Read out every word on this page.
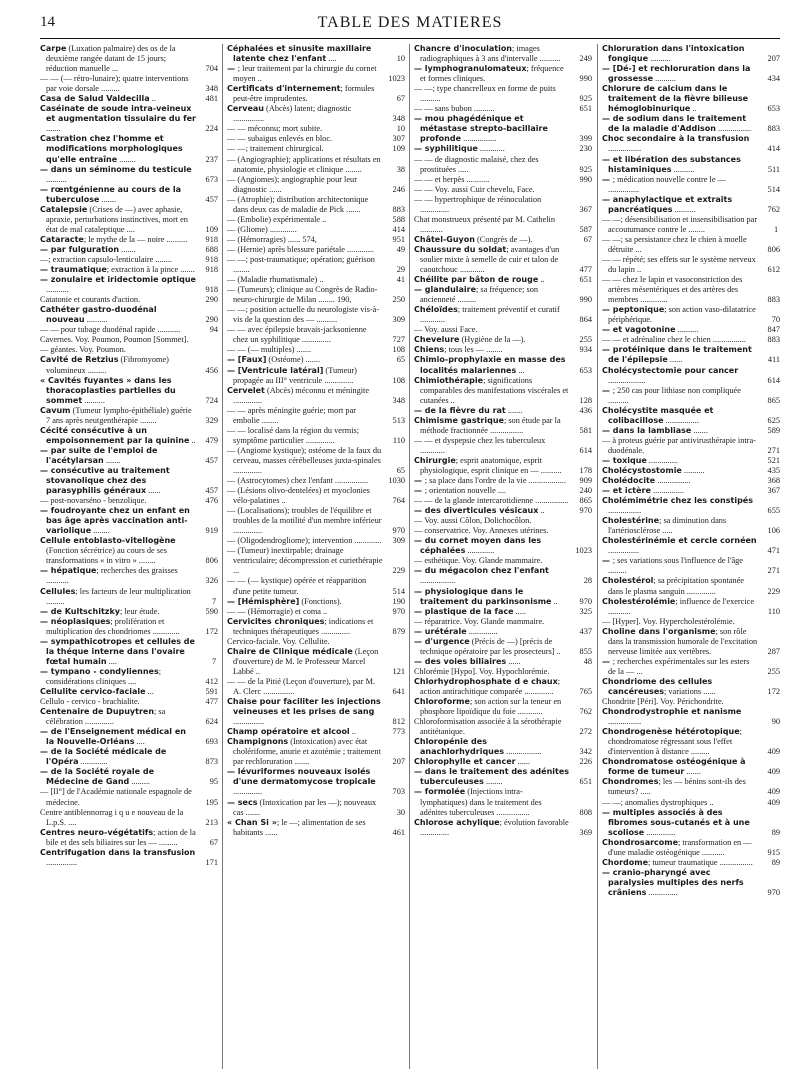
14	TABLE DES MATIERES
Carpe (Luxation palmaire) des os de la deuxième rangée datant de 15 jours; réduction manuelle ...	704
— — (— rétro-lunaire); quatre interventions par voie dorsale .........	348
Casa de Salud Valdecilla ..	481
Caséinate de soude intra-veineux et augmentation tissulaire du fer .......	224
Castration chez l'homme et modifications morphologiques qu'elle entraîne ........	237
— dans un séminome du testicule ..........	673
— rœntgénienne au cours de la tuberculose .......	457
Catalepsie (Crises de —) avec aphasie, apraxie, perturbations instinctives, mort en état de mal cataleptique ....	109
Cataracte; le mythe de la — noire .......... 918
— par fulguration .......	688
—; extraction capsulo-lenticulaire ........	918
— traumatique; extraction à la pince ....... 918
— zonulaire et iridectomie optique ...........	918
Catatonie et courants d'action.	290
Cathéter gastro-duodénal nouveau ..........	290
— — pour tubage duodénal rapide ...........	94
Cavernes. Voy. Poumon, Poumon [Sommet].
— géantes. Voy. Poumon.
Cavité de Retzius (Fibromyome) volumineux .........	456
« Cavités fuyantes » dans les thoracoplasties partielles du sommet ..........	724
Cavum (Tumeur lympho-épithéliale) guérie 7 ans après neutgenthérapie ........	329
Cécité consécutive à un empoisonnement par la quinine .. 479
— par suite de l'emploi de l'acétylarsan .......	457
— consécutive au traitement stovanolique chez des parasyphilis généraux ......	457
— post-novarséno - benzolique.	476
— foudroyante chez un enfant en bas âge après vaccination anti-variolique ........	919
Cellule entoblasto-vitellogène (Fonction sécrétrice) au cours de ses transformations « in vitro » ........	806
— hépatique; recherches des graisses ...........	326
Cellules; les facteurs de leur multiplication .........	7
— de Kultschitzky; leur étude.	590
— néoplasiques; prolifération et multiplication des chondriomes .............	172
— sympathicotropes et cellules de la théque interne dans l'ovaire fœtal humain ....	7
— tympano - condyliennes; considérations cliniques ....	412
Cellulite cervico-faciale ...	591
Cellulo - cervico - brachialite.	477
Centenaire de Dupuytren; sa célébration ..............	624
— de l'Enseignement médical en la Nouvelle-Orléans ....	693
— de la Société médicale de l'Opéra .............	873
— de la Société royale de Médecine de Gand .........	95
— [II°] de l'Académie nationale espagnole de médecine.	195
Centre antiblennorrag i q u e nouveau de la L.p.S. ....	213
Centres neuro-végétatifs; action de la bile et des sels biliaires sur les — .........	67
Centrifugation dans la transfusion ...............	171
Céphalées et sinusite maxillaire latente chez l'enfant ....	10
— ; leur traitement par la chirurgie du cornet moyen ..	1023
Certificats d'internement; formules peut-être imprudentes.	67
Cerveau (Abcès) latent; diagnostic ...............	348
— — méconnu; mort subite.	10
— — subaigus enlevés en bloc.	307
— —; traitement chirurgical.	109
— (Angiographie); applications et résultats en anatomie, physiologie et clinique ........	38
— (Angiomes); angiographie pour leur diagnostic ......	246
— (Atrophie); distribution architectonique dans deux cas de maladie de Pick .......	883
— (Embolie) expérimentale ..	588
— (Gliome) .............	414
— (Hémorragies) ...... 574,	951
— (Hernie) après blessure pariétale .............	49
— —; post-traumatique; opération; guérison ........	29
— (Maladie rhumatismale) ..	41
— (Tumeurs); clinique au Congrès de Radio-neuro-chirurgie de Milan ........ 190,	250
— —; position actuelle du neurologiste vis-à-vis de la question des — ..........	309
— — avec épilepsie bravais-jacksonienne chez un syphilitique ..............	727
— — (— multiples) .......	108
— [Faux] (Ostéome) .......	65
— [Ventricule latéral] (Tumeur) propagée au III° ventricule ..............	108
Cervelet (Abcès) méconnu et méningite ..............	348
— — après méningite guérie; mort par embolie ........	513
— — localisé dans la région du vermis; symptôme particulier ..............	110
— (Angiome kystique); ostéome de la faux du cerveau, masses cérébelleuses juxta-spinales ..............	65
— (Astrocytomes) chez l'enfant ................ 1030
— (Lésions olivo-dentelées) et myoclonies vélo-palatines ..	764
— (Localisations); troubles de l'équilibre et troubles de la motilité d'un membre inférieur ..............	970
— (Oligodendrogliome); intervention ............. 309
— (Tumeur) inextirpable; drainage ventriculaire; décompression et curiethérapie ...	229
— — (— kystique) opérée et réapparition d'une petite tumeur.	514
— [Hémisphère] (Fonctions).	190
— — (Hémorragie) et coma ..	970
Cervicites chroniques; indications et techniques thérapeutiques ..............	879
Cervico-faciale. Voy. Cellulite.
Chaire de Clinique médicale (Leçon d'ouverture) de M. le Professeur Marcel Labbé ..	121
— — de la Pitié (Leçon d'ouverture), par M. A. Clerc ...............	641
Chaise pour faciliter les injections veineuses et les prises de sang ...............	812
Champ opératoire et alcool ..	773
Champignons (Intoxication) avec état cholériforme, anurie et azotémie ; traitement par rechloruration .......	207
— lévuriformes nouveaux isolés d'une dermatomycose tropicale ..............	703
— secs (Intoxication par les —); nouveaux cas .......	30
« Chan Si »; le —; alimentation de ses habitants ......	461
Chancre d'inoculation; images radiographiques à 3 ans d'intervalle .......... 249
— lymphogranulomateux; fréquence et formes cliniques.	990
— —; type chancrelleux en forme de puits ..........	925
— — sans bubon ..........	651
— mou phagédénique et métastase strepto-bacillaire profonde ................	399
— syphilitique ............	230
— — de diagnostic malaisé, chez des prostituées .....	925
— — et herpès ...........	990
— — Voy. aussi Cuir chevelu, Face.
— — hypertrophique de réinoculation ..............	367
Chat monstrueux présenté par M. Cathelin ...........	587
Châtel-Guyon (Congrès de —).	67
Chaussure du soldat; avantages d'un soulier mixte à semelle de cuir et talon de caoutchouc ............	477
Chéilite par bâton de rouge ..	651
— glandulaire; sa fréquence; son ancienneté .........	990
Chéloïdes; traitement préventif et curatif ............	864
— Voy. aussi Face.
Chevelure (Hygiène de la —).	255
Chiens; tous les — ........	934
Chimio-prophylaxie en masse des localités malariennes ...	653
Chimiothérapie; significations comparables des manifestations viscérales et cutanées ..	128
— de la fièvre du rat .......	436
Chimisme gastrique; son étude par la méthode fractionnée ................	581
— — et dyspepsie chez les tuberculeux ............	614
Chirurgie; esprit anatomique, esprit physiologique, esprit clinique en — .......... 178
— ; sa place dans l'ordre de la vie .................. 909
— ; orientation nouvelle ....	240
— — de la glande intercarotidienne ................ 865
— des diverticules vésicaux ..	970
— Voy. aussi Côlon, Dolichocôlon.
— conservatrice. Voy. Annexes utérines.
— du cornet moyen dans les céphalées .............	1023
— esthétique. Voy. Glande mammaire.
— du mégacolon chez l'enfant .................	28
— physiologique dans le traitement du parkinsonisme ..	970
— plastique de la face .....	325
— réparatrice. Voy. Glande mammaire.
— urétérale ..............	437
— d'urgence (Précis de —) [précis de technique opératoire par les prosecteurs] .. 855
— des voies biliaires ......	48
Chlorémie [Hypo]. Voy. Hypochlorémie.
Chlorhydrophosphate d e chaux; action antirachitique comparée ..............	765
Chloroforme; son action sur la teneur en phosphore lipoïdique du foie ............	762
Chloroformisation associée à la sérothérapie antitétanique.	272
Chloropénie des anachlorhydriques .................	342
Chlorophylle et cancer ......	226
— dans le traitement des adénites tuberculeuses ........	651
— formolée (Injections intra-lymphatiques) dans le traitement des adénites tuberculeuses ................	808
Chlorose achylique; évolution favorable ..............	369
Chloruration dans l'intoxication fongique ..........	207
— [Dé-] et rechloruration dans la grossesse ..........	434
Chlorure de calcium dans le traitement de la fièvre bilieuse hémoglobinurique ..	653
— de sodium dans le traitement de la maladie d'Addison ................ 883
Choc secondaire à la transfusion ................	414
— et libération des substances histaminiques ..........	511
— ; médication nouvelle contre le — ...............	514
— anaphylactique et extraits pancréatiques ..........	762
— —; désensibilisation et insensibilisation par accoutumance contre le ........	1
— —; sa persistance chez le chien à moelle détruite ...	806
— — répété; ses effets sur le système nerveux du lapin ..	612
— — chez le lapin et vasoconstriction des artères mésentériques et des artères des membres .............	883
— peptonique; son action vaso-dilatatrice périphérique.	70
— et vagotonine ..........	847
— — et adrénaline chez le chien ................	883
— protéinique dans le traitement de l'épilepsie ......	411
Cholécystectomie pour cancer ..................	614
— ; 250 cas pour lithiase non compliquée ..........	865
Cholécystite masquée et colibacillose ................	625
— dans la lambliase .......	589
— à proteus guérie par antivirusthérapie intra-duodénale.	271
— toxique ..............	521
Cholécystostomie ..........	435
Cholédocite ................	368
— et ictère ...............	367
Cholémimétrie chez les constipés ................	655
Cholestérine; sa diminution dans l'artériosclérose .....	106
Cholestérinémie et cercle cornéen ...............	471
— ; ses variations sous l'influence de l'âge .........	271
Cholestérol; sa précipitation spontanée dans le plasma sanguin ..............	229
Cholestérolémie; influence de l'exercice ...........	110
— [Hyper]. Voy. Hypercholestérolémie.
Choline dans l'organisme; son rôle dans la transmission humorale de l'excitation nerveuse limitée aux vertèbres.	287
— ; recherches expérimentales sur les esters de la — ...	255
Chondriome des cellules cancéreuses; variations ......	172
Chondrite [Péri]. Voy. Périchondrite.
Chondrodystrophie et nanisme ................	90
Chondrogenèse hétérotopique; chondromatose régressant sous l'effet d'intervention à distance .........	409
Chondromatose ostéogénique à forme de tumeur .......	409
Chondromes; les — bénins sont-ils des tumeurs? .....	409
— —; anomalies dystrophiques ..	409
— multiples associés à des fibromes sous-cutanés et à une scoliose ..............	89
Chondrosarcome; transformation en — d'une maladie ostéogénique ...........	915
Chordome; tumeur traumatique ................ 89
— cranio-pharyngé avec paralysies multiples des nerfs crâniens ..............	970
